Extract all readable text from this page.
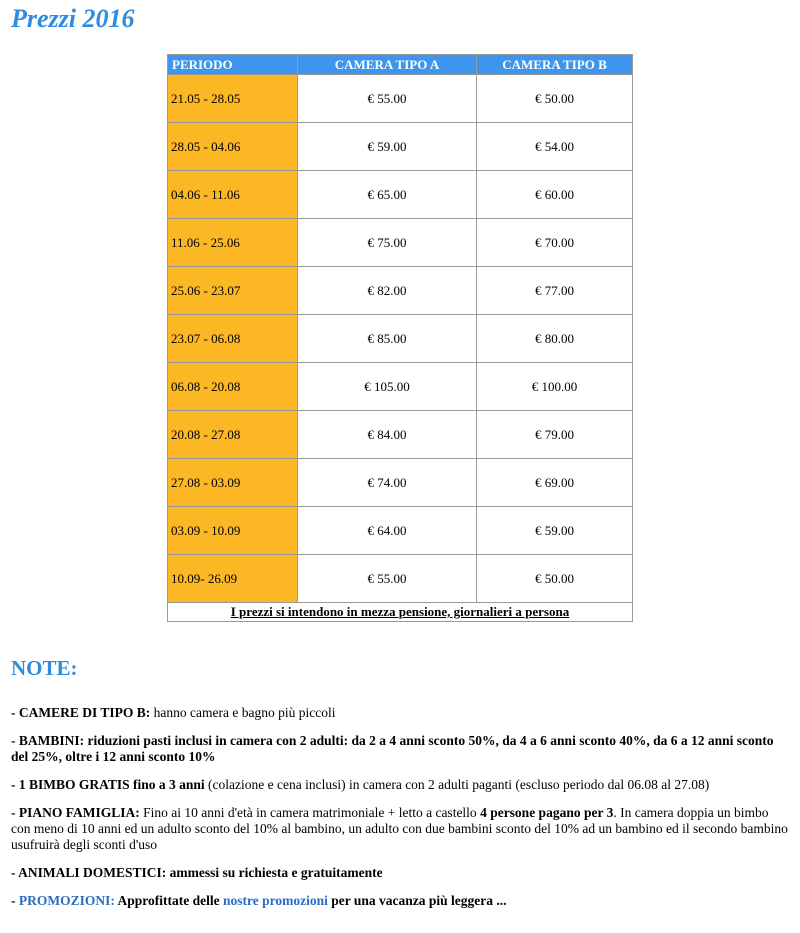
Prezzi 2016
PERIODO	CAMERA TIPO A	CAMERA TIPO B
21.05 - 28.05	€ 55.00	€ 50.00
28.05 - 04.06	€ 59.00	€ 54.00
04.06 - 11.06	€ 65.00	€ 60.00
11.06 - 25.06	€ 75.00	€ 70.00
25.06 - 23.07	€ 82.00	€ 77.00
23.07 - 06.08	€ 85.00	€ 80.00
06.08 - 20.08	€ 105.00	€ 100.00
20.08 - 27.08	€ 84.00	€ 79.00
27.08 - 03.09	€ 74.00	€ 69.00
03.09 - 10.09	€ 64.00	€ 59.00
10.09- 26.09	€ 55.00	€ 50.00
I prezzi si intendono in mezza pensione, giornalieri a persona		
NOTE:

- CAMERE DI TIPO B: hanno camera e bagno più piccoli

- BAMBINI: riduzioni pasti inclusi in camera con 2 adulti: da 2 a 4 anni sconto 50%, da 4 a 6 anni sconto 40%, da 6 a 12 anni sconto del 25%, oltre i 12 anni sconto 10%

- 1 BIMBO GRATIS fino a 3 anni (colazione e cena inclusi) in camera con 2 adulti paganti (escluso periodo dal 06.08 al 27.08)

- PIANO FAMIGLIA: Fino ai 10 anni d'età in camera matrimoniale + letto a castello 4 persone pagano per 3. In camera doppia un bimbo con meno di 10 anni ed un adulto sconto del 10% al bambino, un adulto con due bambini sconto del 10% ad un bambino ed il secondo bambino usufruirà degli sconti d'uso

- ANIMALI DOMESTICI: ammessi su richiesta e gratuitamente

- PROMOZIONI: Approfittate delle nostre promozioni per una vacanza più leggera ...
